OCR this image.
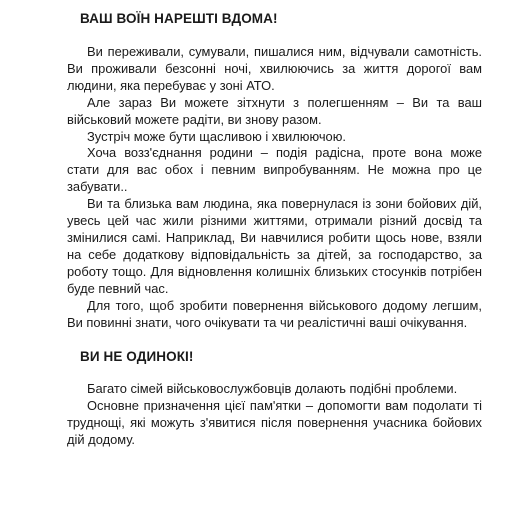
ВАШ ВОЇН НАРЕШТІ ВДОМА!

Ви переживали, сумували, пишалися ним, відчували самотність. Ви проживали безсонні ночі, хвилюючись за життя дорогої вам людини, яка перебуває у зоні АТО.

Але зараз Ви можете зітхнути з полегшенням – Ви та ваш військовий можете радіти, ви знову разом.

Зустріч може бути щасливою і хвилюючою.

Хоча возз'єднання родини – подія радісна, проте вона може стати для вас обох і певним випробуванням. Не можна про це забувати..

Ви та близька вам людина, яка повернулася із зони бойових дій, увесь цей час жили різними життями, отримали різний досвід та змінилися самі. Наприклад, Ви навчилися робити щось нове, взяли на себе додаткову відповідальність за дітей, за господарство, за роботу тощо. Для відновлення колишніх близьких стосунків потрібен буде певний час.

Для того, щоб зробити повернення військового додому легшим, Ви повинні знати, чого очікувати та чи реалістичні ваші очікування.

ВИ НЕ ОДИНОКІ!

Багато сімей військовослужбовців долають подібні проблеми.

Основне призначення цієї пам'ятки – допомогти вам подолати ті труднощі, які можуть з'явитися після повернення учасника бойових дій додому.
